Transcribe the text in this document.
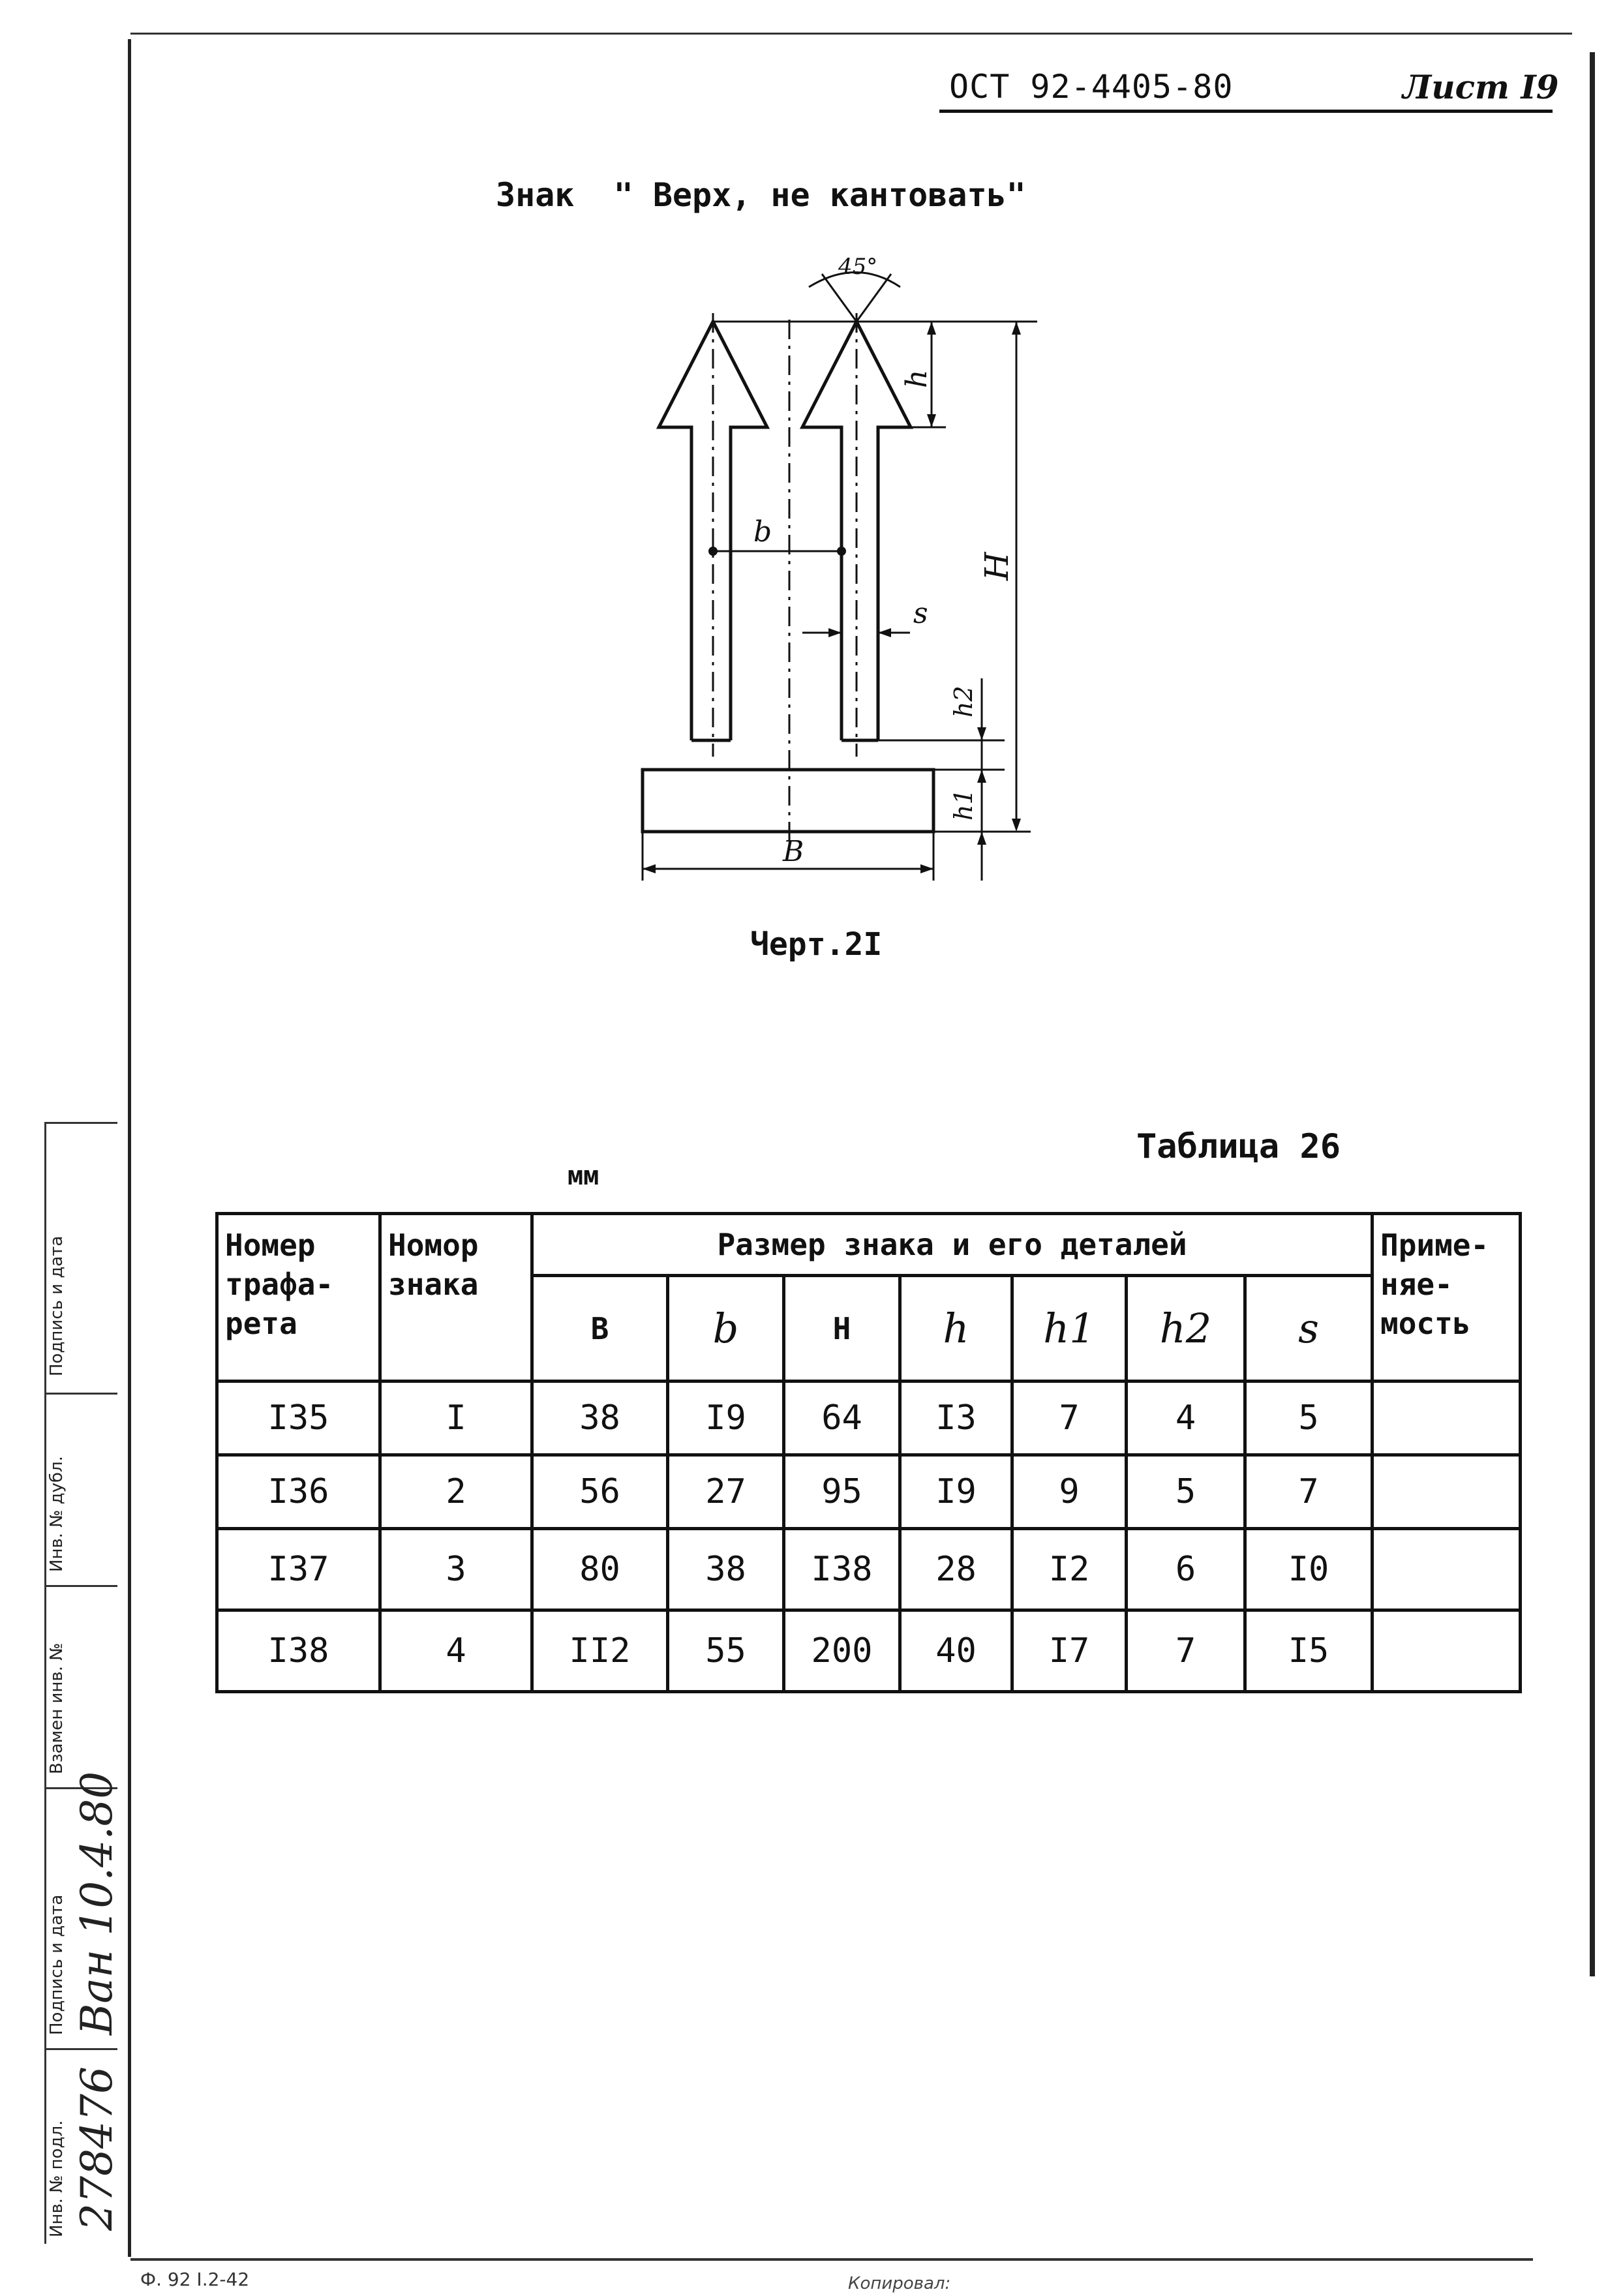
ОСТ 92-4405-80	Лист I9
Знак  " Верх, не кантовать"
45°
h
b
H
s
h2
h1
B
Черт.2I
Таблица 26
мм
Номер трафа- рета	Номор знака	Размер знака и его деталей							Приме- няе- мость
		B	b	H	h	h1	h2	s	
I35	I	38	I9	64	I3	7	4	5	
I36	2	56	27	95	I9	9	5	7	
I37	3	80	38	I38	28	I2	6	I0	
I38	4	II2	55	200	40	I7	7	I5	
Подпись и дата
Инв. № дубл.
Взамен инв. №
Подпись и дата
Инв. № подл.
Ван 10.4.80
278476
Ф. 92 I.2-42	Копировал:
